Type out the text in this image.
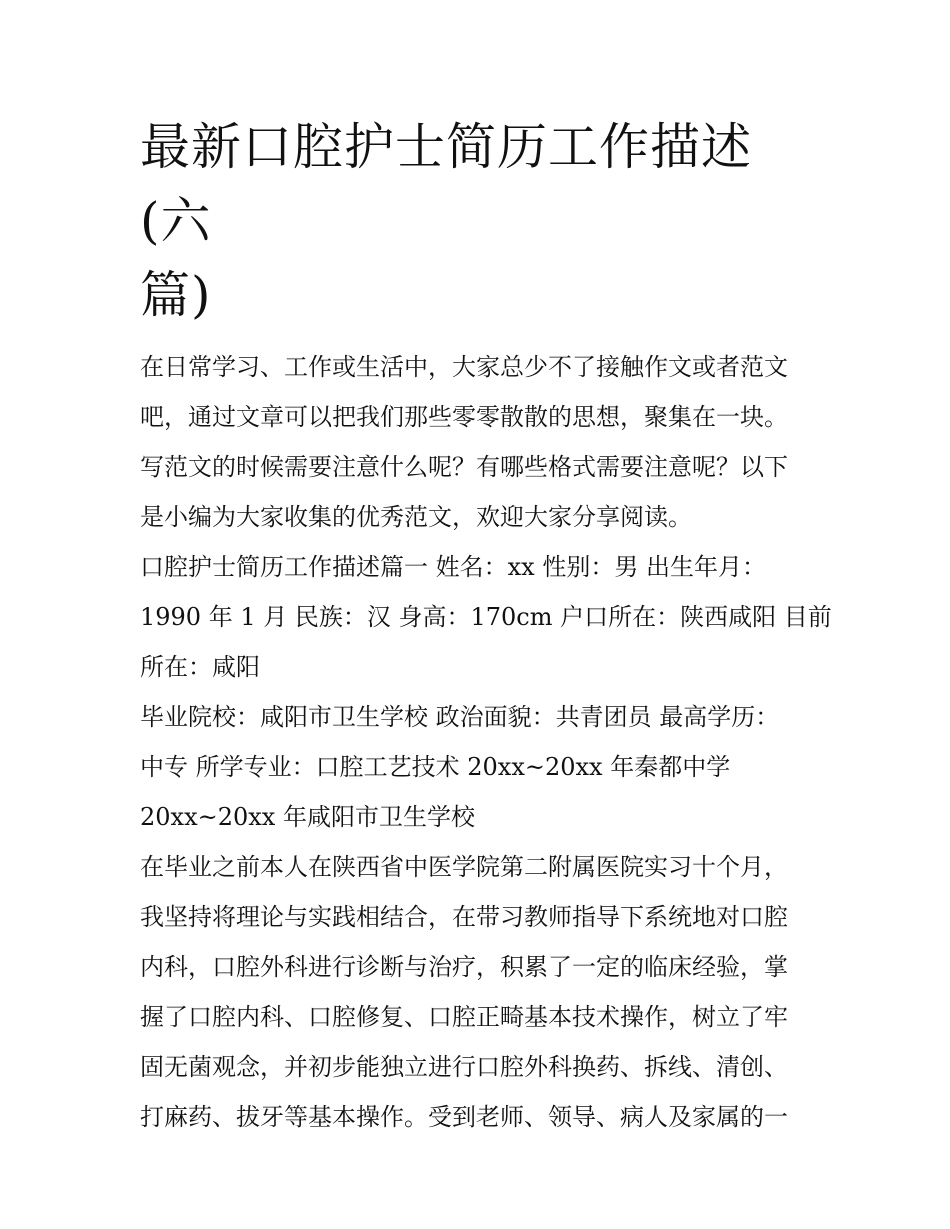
最新口腔护士简历工作描述(六
篇)
在日常学习、工作或生活中，大家总少不了接触作文或者范文
吧，通过文章可以把我们那些零零散散的思想，聚集在一块。
写范文的时候需要注意什么呢？有哪些格式需要注意呢？以下
是小编为大家收集的优秀范文，欢迎大家分享阅读。
口腔护士简历工作描述篇一 姓名：xx 性别：男 出生年月：
1990 年 1 月 民族：汉 身高：170cm 户口所在：陕西咸阳 目前
所在：咸阳
毕业院校：咸阳市卫生学校 政治面貌：共青团员 最高学历：
中专 所学专业：口腔工艺技术 20xx~20xx 年秦都中学
20xx~20xx 年咸阳市卫生学校
在毕业之前本人在陕西省中医学院第二附属医院实习十个月，
我坚持将理论与实践相结合，在带习教师指导下系统地对口腔
内科，口腔外科进行诊断与治疗，积累了一定的临床经验，掌
握了口腔内科、口腔修复、口腔正畸基本技术操作，树立了牢
固无菌观念，并初步能独立进行口腔外科换药、拆线、清创、
打麻药、拔牙等基本操作。受到老师、领导、病人及家属的一
